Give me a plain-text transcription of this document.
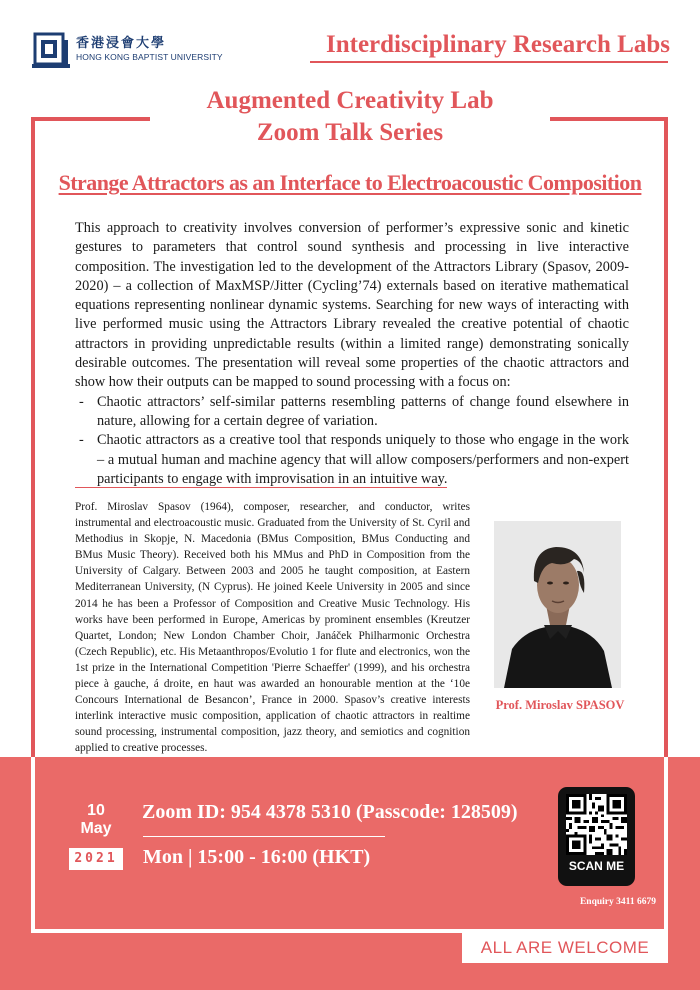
香港浸會大學
HONG KONG BAPTIST UNIVERSITY	Interdisciplinary Research Labs
Augmented Creativity Lab
Zoom Talk Series
Strange Attractors as an Interface to Electroacoustic Composition

This approach to creativity involves conversion of performer’s expressive sonic and kinetic gestures to parameters that control sound synthesis and processing in live interactive composition. The investigation led to the development of the Attractors Library (Spasov, 2009-2020) – a collection of MaxMSP/Jitter (Cycling’74) externals based on iterative mathematical equations representing nonlinear dynamic systems. Searching for new ways of interacting with live performed music using the Attractors Library revealed the creative potential of chaotic attractors in providing unpredictable results (within a limited range) demonstrating sonically desirable outcomes. The presentation will reveal some properties of the chaotic attractors and show how their outputs can be mapped to sound processing with a focus on:

- Chaotic attractors’ self-similar patterns resembling patterns of change found elsewhere in nature, allowing for a certain degree of variation.
- Chaotic attractors as a creative tool that responds uniquely to those who engage in the work – a mutual human and machine agency that will allow composers/performers and non-expert participants to engage with improvisation in an intuitive way.
Prof. Miroslav Spasov (1964), composer, researcher, and conductor, writes instrumental and electroacoustic music. Graduated from the University of St. Cyril and Methodius in Skopje, N. Macedonia (BMus Composition, BMus Conducting and BMus Music Theory). Received both his MMus and PhD in Composition from the University of Calgary. Between 2003 and 2005 he taught composition, at Eastern Mediterranean University, (N Cyprus). He joined Keele University in 2005 and since 2014 he has been a Professor of Composition and Creative Music Technology. His works have been performed in Europe, Americas by prominent ensembles (Kreutzer Quartet, London; New London Chamber Choir, Janáček Philharmonic Orchestra (Czech Republic), etc. His Metaanthropos/Evolutio 1 for flute and electronics, won the 1st prize in the International Competition 'Pierre Schaeffer' (1999), and his orchestra piece à gauche, á droite, en haut was awarded an honourable mention at the ‘10e Concours International de Besancon’, France in 2000. Spasov’s creative interests interlink interactive music composition, application of chaotic attractors in realtime sound processing, instrumental composition, jazz theory, and semiotics and cognition applied to creative processes.
Prof. Miroslav SPASOV
10
May
2021
Zoom ID: 954 4378 5310 (Passcode: 128509)
Mon | 15:00 - 16:00 (HKT)	SCAN ME
Enquiry 3411 6679
ALL ARE WELCOME
